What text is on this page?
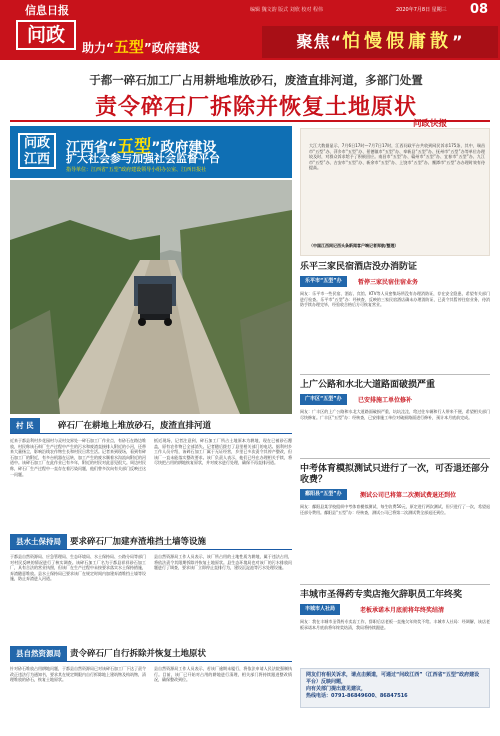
信息日报
问政
助力“五型”政府建设
编辑 魏文韵 版式 刘欣 校对 程伟	2020年7月8日 星期三 08
聚焦“怕慢假庸散”
于都一碎石加工厂占用耕地堆放砂石，废渣直排河道，多部门处置
责令碎石厂拆除并恢复土地原状
问政江西
江西省“五型”政府建设
扩大社会参与加强社会监督平台
指导单位：江西省“五型”政府建设领导小组办公室、江西日报社
村 民	碎石厂在耕地上堆放砂石，废渣直排河道
近来于都县利村乡花园村与灵村交界处一碎石加工厂作业点，有砂石在路边堆放，村民称该石料厂生产过程中产生的污水和废渣直接排入附近的小河，还带来大量扬尘，影响沿线农作物生长和村民日常生活。记者来到现场，看到有碎石加工厂的附近，有多台机器在运转，加工产生的废水顺着水沟流向附近的河道中。该碎石加工厂在此作业已有多年，附近的村民对此意见很大。周边村民称，碎石厂生产过程中一直存在着污染问题，他们曾多次向有关部门反映过这一问题。
抵近现场，记者注意到，碎石加工厂所占土地原本为耕地，现在已被砂石覆盖，原有农作物已全部消失。记者随后拨打了县里相关部门的电话。据利村乡工作人员介绍，该碎石加工厂属于无证经营，乡里已多次责令其停产整改，但该厂一直未能落实整改要求。该厂负责人表示，他们已经在办理相关手续，将尽快把占用的耕地恢复原状，并对废水进行处理，确保不再直排河道。
县水土保持局	要求碎石厂加建弃渣堆挡土墙等设施
于都县自然资源局、应急管理局、生态环境局、水土保持局、公路分局等部门对村民反映的情况进行了核实调查。该碎石加工厂名为于都县祥祥砂石加工厂，具有合法的营业执照，但该厂在生产过程中未按要求落实水土保持措施，弃渣随意堆放。县水土保持局已要求该厂在规定时间内加建弃渣堆挡土墙等设施，防止弃渣进入河道。
县自然资源局工作人员表示，该厂所占用的土地性质为耕地，属于违法占用，将依法责令其限期拆除并恢复土地原状。县生态环境局也对该厂的污水排放问题进行了调查，要求该厂立即停止直排行为，建设沉淀池等污水处理设施。
县自然资源局	责令碎石厂自行拆除并恢复土地原状
针对砂石堆放占用耕地问题，于都县自然资源局已对该碎石加工厂下达了责令改正违法行为通知书，要求其在规定期限内自行拆除地上建筑物及构筑物，清理堆放的砂石，恢复土地原状。
县自然资源局工作人员表示，若该厂逾期未履行，将依法申请人民法院强制执行。目前，该厂已开始对占用的耕地进行清理，相关部门将持续跟进整改情况，确保整改到位。
问政快报
大江大数据显示，7月6日17时—7月7日17时，江西问政平台共收到网民诉求175条，其中，瑞昌市“五型”办、萍乡市“五型”办、景德镇市“五型”办、奉新县“五型”办、抚州市“五型”办等单位办理较及时，对群众诉求给予了积极回应。南昌市“五型”办、赣州市“五型”办、宜春市“五型”办、九江市“五型”办、吉安市“五型”办、新余市“五型”办、上饶市“五型”办、鹰潭市“五型”办办理时效有待提高。
（中国江西网记西头条新闻客户端记者郑航/整理）
乐平三家民宿酒店没办消防证
乐平市“五型”办	暂停三家民宿住宿业务
网友：乐平市一些民宿、酒店、宾馆、KTV等人员密集场所没有办理消防证，存在安全隐患，希望有关部门进行检查。乐平市“五型”办：经核查，反映的三家民宿酒店确未办理消防证，已责令其暂停住宿业务，待消防手续办理完毕，经验收合格后方可恢复营业。
上广公路和水北大道路面破损严重
广丰区“五型”办	已安排施工单位修补
网友：广丰区的上广公路和水北大道路面破损严重，坑坑洼洼，给过往车辆和行人带来不便，希望相关部门尽快修复。广丰区“五型”办：经核查，已安排施工单位对破损路面进行修补，预计本月底前完成。
中考体育模拟测试只进行了一次，可否退还部分收费？
鄱阳县“五型”办	测试公司已将第二次测试费退还到位
网友：鄱阳县某学校组织中考体育模拟测试，每生收费50元，原定进行两次测试，但只进行了一次，希望退还部分费用。鄱阳县“五型”办：经核查，测试公司已将第二次测试费全部退还到位。
丰城市圣得药专卖店拖欠辞职员工年终奖
丰城市人社局	老板承诺本月底前将年终奖结清
网友：我在丰城市圣得药专卖店工作，辞职后店老板一直拖欠年终奖不给。丰城市人社局：经调解，该店老板承诺本月底前将年终奖结清，我局将持续跟进。
网友们有相关诉求，请点击频道，可通过“问政江西”（江西省“五型”政府建设平台）反映问题，
向有关部门提出意见建议，
热线电话：0791-86849600、86847516
